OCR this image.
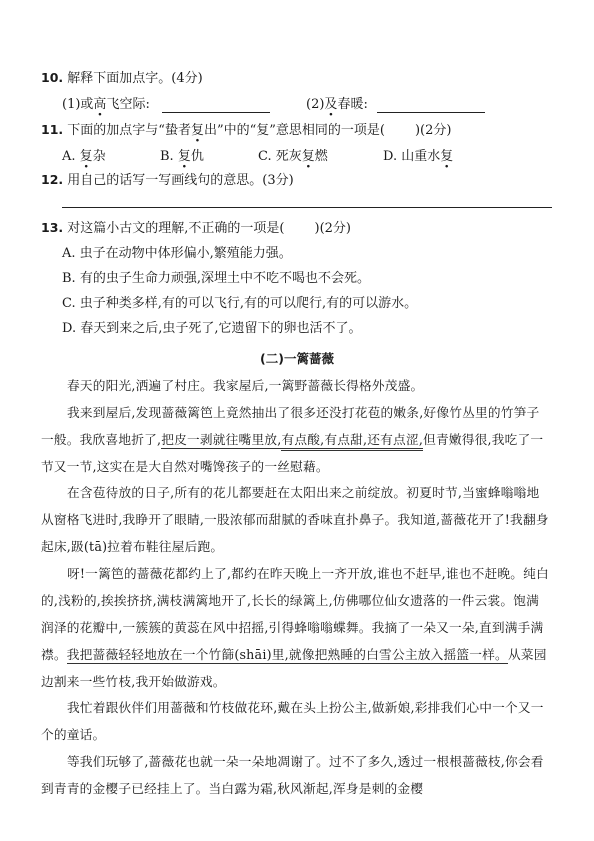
10. 解释下面加点字。(4分)
(1)或高飞空际:	(2)及春暖:
11. 下面的加点字与“蛰者复出”中的“复”意思相同的一项是( )(2分)
A. 复杂	B. 复仇	C. 死灰复燃	D. 山重水复
12. 用自己的话写一写画线句的意思。(3分)
13. 对这篇小古文的理解,不正确的一项是( )(2分)
A. 虫子在动物中体形偏小,繁殖能力强。
B. 有的虫子生命力顽强,深埋土中不吃不喝也不会死。
C. 虫子种类多样,有的可以飞行,有的可以爬行,有的可以游水。
D. 春天到来之后,虫子死了,它遗留下的卵也活不了。
(二)一篱蔷薇
春天的阳光,洒遍了村庄。我家屋后,一篱野蔷薇长得格外茂盛。
我来到屋后,发现蔷薇篱笆上竟然抽出了很多还没打花苞的嫩条,好像竹丛里的竹笋子一般。我欣喜地折了,把皮一剥就往嘴里放,有点酸,有点甜,还有点涩,但青嫩得很,我吃了一节又一节,这实在是大自然对嘴馋孩子的一丝慰藉。
在含苞待放的日子,所有的花儿都要赶在太阳出来之前绽放。初夏时节,当蜜蜂嗡嗡地从窗格飞进时,我睁开了眼睛,一股浓郁而甜腻的香味直扑鼻子。我知道,蔷薇花开了!我翻身起床,趿(tā)拉着布鞋往屋后跑。
呀!一篱笆的蔷薇花都约上了,都约在昨天晚上一齐开放,谁也不赶早,谁也不赶晚。纯白的,浅粉的,挨挨挤挤,满枝满篱地开了,长长的绿篱上,仿佛哪位仙女遗落的一件云裳。饱满润泽的花瓣中,一簇簇的黄蕊在风中招摇,引得蜂嗡嗡蝶舞。我摘了一朵又一朵,直到满手满襟。我把蔷薇轻轻地放在一个竹篩(shāi)里,就像把熟睡的白雪公主放入摇篮一样。从菜园边割来一些竹枝,我开始做游戏。
我忙着跟伙伴们用蔷薇和竹枝做花环,戴在头上扮公主,做新娘,彩排我们心中一个又一个的童话。
等我们玩够了,蔷薇花也就一朵一朵地凋谢了。过不了多久,透过一根根蔷薇枝,你会看到青青的金樱子已经挂上了。当白露为霜,秋风渐起,浑身是刺的金樱
